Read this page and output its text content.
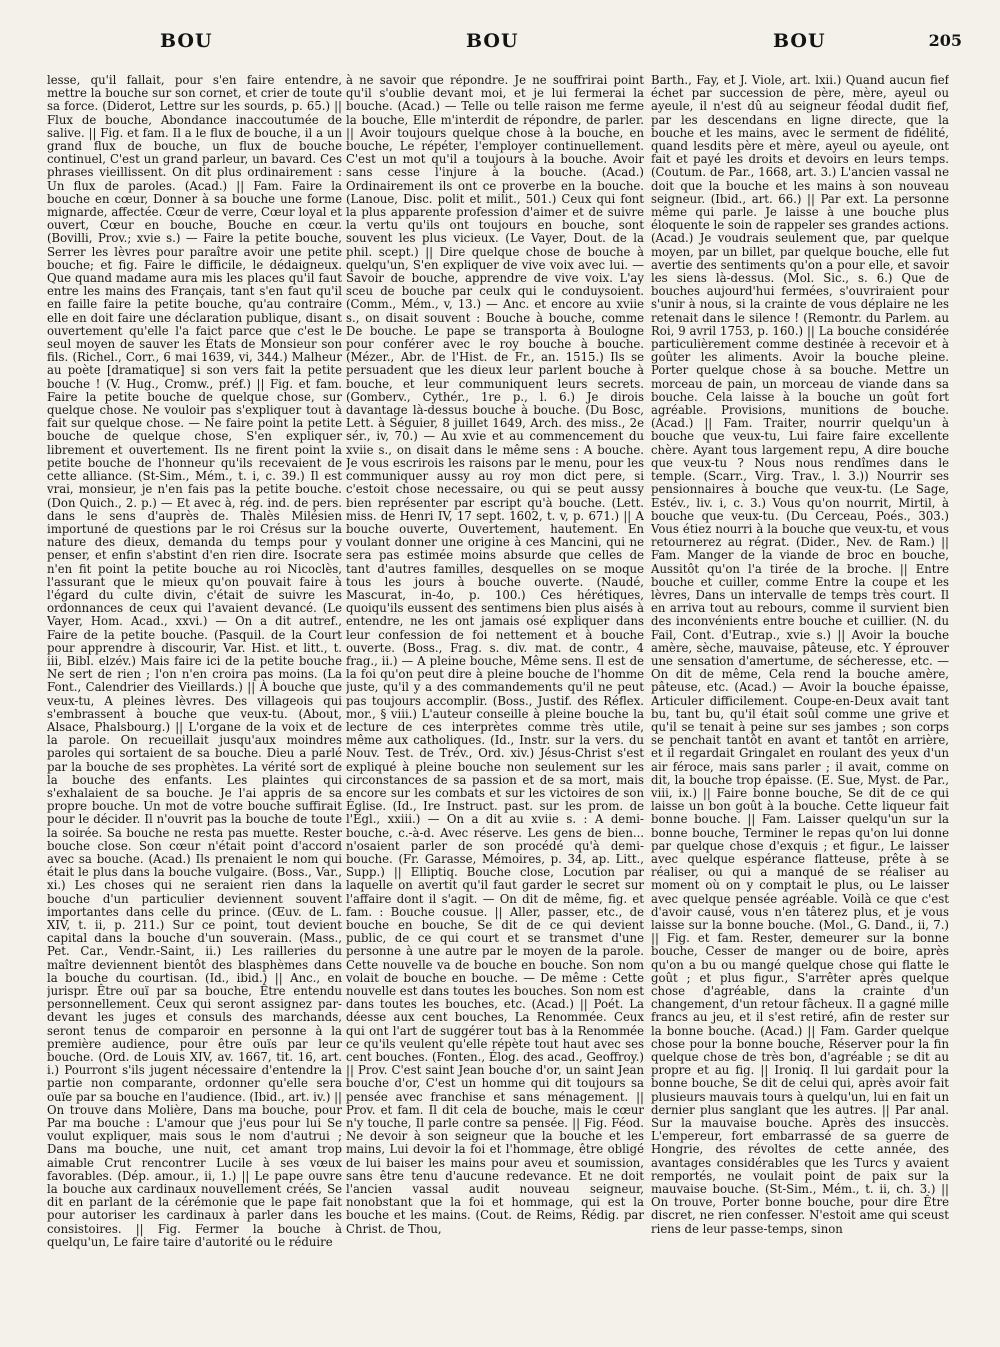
BOU	BOU	BOU	205

lesse, qu'il fallait, pour s'en faire entendre, mettre la bouche sur son cornet, et crier de toute sa force. (Diderot, Lettre sur les sourds, p. 65.) || Flux de bouche, Abondance inaccoutumée de salive. || Fig. et fam. Il a le flux de bouche, il a un grand flux de bouche, un flux de bouche continuel, C'est un grand parleur, un bavard. Ces phrases vieillissent. On dit plus ordinairement : Un flux de paroles. (Acad.) || Fam. Faire la bouche en cœur, Donner à sa bouche une forme mignarde, affectée. Cœur de verre, Cœur loyal et ouvert, Cœur en bouche, Bouche en cœur. (Bovilli, Prov.; xvie s.) — Faire la petite bouche, Serrer les lèvres pour paraître avoir une petite bouche; et fig. Faire le difficile, le dédaigneux. Que quand madame aura mis les places qu'il faut entre les mains des Français, tant s'en faut qu'il en faille faire la petite bouche, qu'au contraire elle en doit faire une déclaration publique, disant ouvertement qu'elle l'a faict parce que c'est le seul moyen de sauver les États de Monsieur son fils. (Richel., Corr., 6 mai 1639, vi, 344.) Malheur au poète [dramatique] si son vers fait la petite bouche ! (V. Hug., Cromw., préf.) || Fig. et fam. Faire la petite bouche de quelque chose, sur quelque chose. Ne vouloir pas s'expliquer tout à fait sur quelque chose. — Ne faire point la petite bouche de quelque chose, S'en expliquer librement et ouvertement. Ils ne firent point la petite bouche de l'honneur qu'ils recevaient de cette alliance. (St-Sim., Mém., t. i, c. 39.) Il est vrai, monsieur, je n'en fais pas la petite bouche. (Don Quich., 2. p.) — Et avec à, rég. ind. de pers. dans le sens d'auprès de. Thalès Milésien importuné de questions par le roi Crésus sur la nature des dieux, demanda du temps pour y penser, et enfin s'abstint d'en rien dire. Isocrate n'en fit point la petite bouche au roi Nicoclès, l'assurant que le mieux qu'on pouvait faire à l'égard du culte divin, c'était de suivre les ordonnances de ceux qui l'avaient devancé. (Le Vayer, Hom. Acad., xxvi.) — On a dit autref., Faire de la petite bouche. (Pasquil. de la Court pour apprendre à discourir, Var. Hist. et litt., t. iii, Bibl. elzév.) Mais faire ici de la petite bouche Ne sert de rien ; l'on n'en croira pas moins. (La Font., Calendrier des Vieillards.) || À bouche que veux-tu, A pleines lèvres. Des villageois qui s'embrassent à bouche que veux-tu. (About, Alsace, Phalsbourg.) || L'organe de la voix et de la parole. On recueillait jusqu'aux moindres paroles qui sortaient de sa bouche. Dieu a parlé par la bouche de ses prophètes. La vérité sort de la bouche des enfants. Les plaintes qui s'exhalaient de sa bouche. Je l'ai appris de sa propre bouche. Un mot de votre bouche suffirait pour le décider. Il n'ouvrit pas la bouche de toute la soirée. Sa bouche ne resta pas muette. Rester bouche close. Son cœur n'était point d'accord avec sa bouche. (Acad.) Ils prenaient le nom qui était le plus dans la bouche vulgaire. (Boss., Var., xi.) Les choses qui ne seraient rien dans la bouche d'un particulier deviennent souvent importantes dans celle du prince. (Œuv. de L. XIV, t. ii, p. 211.) Sur ce point, tout devient capital dans la bouche d'un souverain. (Mass., Pet. Car., Vendr.-Saint, ii.) Les railleries du maître deviennent bientôt des blasphèmes dans la bouche du courtisan. (Id., ibid.) || Anc., en jurispr. Être ouï par sa bouche, Être entendu personnellement. Ceux qui seront assignez par-devant les juges et consuls des marchands, seront tenus de comparoir en personne à la première audience, pour être ouïs par leur bouche. (Ord. de Louis XIV, av. 1667, tit. 16, art. i.) Pourront s'ils jugent nécessaire d'entendre la partie non comparante, ordonner qu'elle sera ouïe par sa bouche en l'audience. (Ibid., art. iv.) || On trouve dans Molière, Dans ma bouche, pour Par ma bouche : L'amour que j'eus pour lui Se voulut expliquer, mais sous le nom d'autrui ; Dans ma bouche, une nuit, cet amant trop aimable Crut rencontrer Lucile à ses vœux favorables. (Dép. amour., ii, 1.) || Le pape ouvre la bouche aux cardinaux nouvellement créés, Se dit en parlant de la cérémonie que le pape fait pour autoriser les cardinaux à parler dans les consistoires. || Fig. Fermer la bouche à quelqu'un, Le faire taire d'autorité ou le réduire

à ne savoir que répondre. Je ne souffrirai point qu'il s'oublie devant moi, et je lui fermerai la bouche. (Acad.) — Telle ou telle raison me ferme la bouche, Elle m'interdit de répondre, de parler. || Avoir toujours quelque chose à la bouche, en bouche, Le répéter, l'employer continuellement. C'est un mot qu'il a toujours à la bouche. Avoir sans cesse l'injure à la bouche. (Acad.) Ordinairement ils ont ce proverbe en la bouche. (Lanoue, Disc. polit et milit., 501.) Ceux qui font la plus apparente profession d'aimer et de suivre la vertu qu'ils ont toujours en bouche, sont souvent les plus vicieux. (Le Vayer, Dout. de la phil. scept.) || Dire quelque chose de bouche à quelqu'un, S'en expliquer de vive voix avec lui. — Savoir de bouche, apprendre de vive voix. L'ay sceu de bouche par ceulx qui le conduysoient. (Comm., Mém., v, 13.) — Anc. et encore au xviie s., on disait souvent : Bouche à bouche, comme De bouche. Le pape se transporta à Boulogne pour conférer avec le roy bouche à bouche. (Mézer., Abr. de l'Hist. de Fr., an. 1515.) Ils se persuadent que les dieux leur parlent bouche à bouche, et leur communiquent leurs secrets. (Gomberv., Cythér., 1re p., l. 6.) Je dirois davantage là-dessus bouche à bouche. (Du Bosc, Lett. à Séguier, 8 juillet 1649, Arch. des miss., 2e sér., iv, 70.) — Au xvie et au commencement du xviie s., on disait dans le même sens : A bouche. Je vous escrirois les raisons par le menu, pour les communiquer aussy au roy mon dict pere, si c'estoit chose necessaire, ou qui se peut aussy bien représenter par escript qu'à bouche. (Lett. miss. de Henri IV, 17 sept. 1602, t. v, p. 671.) || A bouche ouverte, Ouvertement, hautement. En voulant donner une origine à ces Mancini, qui ne sera pas estimée moins absurde que celles de tant d'autres familles, desquelles on se moque tous les jours à bouche ouverte. (Naudé, Mascurat, in-4o, p. 100.) Ces hérétiques, quoiqu'ils eussent des sentimens bien plus aisés à entendre, ne les ont jamais osé expliquer dans leur confession de foi nettement et à bouche ouverte. (Boss., Frag. s. div. mat. de contr., 4 frag., ii.) — A pleine bouche, Même sens. Il est de la foi qu'on peut dire à pleine bouche de l'homme juste, qu'il y a des commandements qu'il ne peut pas toujours accomplir. (Boss., Justif. des Réflex. mor., § viii.) L'auteur conseille à pleine bouche la lecture de ces interprètes comme très utile, même aux catholiques. (Id., Instr. sur la vers. du Nouv. Test. de Trév., Ord. xiv.) Jésus-Christ s'est expliqué à pleine bouche non seulement sur les circonstances de sa passion et de sa mort, mais encore sur les combats et sur les victoires de son Église. (Id., Ire Instruct. past. sur les prom. de l'Égl., xxiii.) — On a dit au xviie s. : A demi-bouche, c.-à-d. Avec réserve. Les gens de bien... n'osaient parler de son procédé qu'à demi-bouche. (Fr. Garasse, Mémoires, p. 34, ap. Litt., Supp.) || Elliptiq. Bouche close, Locution par laquelle on avertit qu'il faut garder le secret sur l'affaire dont il s'agit. — On dit de même, fig. et fam. : Bouche cousue. || Aller, passer, etc., de bouche en bouche, Se dit de ce qui devient public, de ce qui court et se transmet d'une personne à une autre par le moyen de la parole. Cette nouvelle va de bouche en bouche. Son nom volait de bouche en bouche. — De même : Cette nouvelle est dans toutes les bouches. Son nom est dans toutes les bouches, etc. (Acad.) || Poét. La déesse aux cent bouches, La Renommée. Ceux qui ont l'art de suggérer tout bas à la Renommée ce qu'ils veulent qu'elle répète tout haut avec ses cent bouches. (Fonten., Élog. des acad., Geoffroy.) || Prov. C'est saint Jean bouche d'or, un saint Jean bouche d'or, C'est un homme qui dit toujours sa pensée avec franchise et sans ménagement. || Prov. et fam. Il dit cela de bouche, mais le cœur n'y touche, Il parle contre sa pensée. || Fig. Féod. Ne devoir à son seigneur que la bouche et les mains, Lui devoir la foi et l'hommage, être obligé de lui baiser les mains pour aveu et soumission, sans être tenu d'aucune redevance. Et ne doit l'ancien vassal audit nouveau seigneur, nonobstant que la foi et hommage, qui est la bouche et les mains. (Cout. de Reims, Rédig. par Christ. de Thou,

Barth., Fay, et J. Viole, art. lxii.) Quand aucun fief échet par succession de père, mère, ayeul ou ayeule, il n'est dû au seigneur féodal dudit fief, par les descendans en ligne directe, que la bouche et les mains, avec le serment de fidélité, quand lesdits père et mère, ayeul ou ayeule, ont fait et payé les droits et devoirs en leurs temps. (Coutum. de Par., 1668, art. 3.) L'ancien vassal ne doit que la bouche et les mains à son nouveau seigneur. (Ibid., art. 66.) || Par ext. La personne même qui parle. Je laisse à une bouche plus éloquente le soin de rappeler ses grandes actions. (Acad.) Je voudrais seulement que, par quelque moyen, par un billet, par quelque bouche, elle fut avertie des sentiments qu'on a pour elle, et savoir les siens là-dessus. (Mol. Sic., s. 6.) Que de bouches aujourd'hui fermées, s'ouvriraient pour s'unir à nous, si la crainte de vous déplaire ne les retenait dans le silence ! (Remontr. du Parlem. au Roi, 9 avril 1753, p. 160.) || La bouche considérée particulièrement comme destinée à recevoir et à goûter les aliments. Avoir la bouche pleine. Porter quelque chose à sa bouche. Mettre un morceau de pain, un morceau de viande dans sa bouche. Cela laisse à la bouche un goût fort agréable. Provisions, munitions de bouche. (Acad.) || Fam. Traiter, nourrir quelqu'un à bouche que veux-tu, Lui faire faire excellente chère. Ayant tous largement repu, A dire bouche que veux-tu ? Nous nous rendîmes dans le temple. (Scarr., Virg. Trav., l. 3.)) Nourrir ses pensionnaires à bouche que veux-tu. (Le Sage, Estév., liv. i, c. 3.) Vous qu'on nourrit, Mirtil, à bouche que veux-tu. (Du Cerceau, Poés., 303.) Vous étiez nourri à la bouche que veux-tu, et vous retournerez au régrat. (Dider., Nev. de Ram.) || Fam. Manger de la viande de broc en bouche, Aussitôt qu'on l'a tirée de la broche. || Entre bouche et cuiller, comme Entre la coupe et les lèvres, Dans un intervalle de temps très court. Il en arriva tout au rebours, comme il survient bien des inconvénients entre bouche et cuillier. (N. du Fail, Cont. d'Eutrap., xvie s.) || Avoir la bouche amère, sèche, mauvaise, pâteuse, etc. Y éprouver une sensation d'amertume, de sécheresse, etc. — On dit de même, Cela rend la bouche amère, pâteuse, etc. (Acad.) — Avoir la bouche épaisse, Articuler difficilement. Coupe-en-Deux avait tant bu, tant bu, qu'il était soûl comme une grive et qu'il se tenait à peine sur ses jambes ; son corps se penchait tantôt en avant et tantôt en arrière, et il regardait Gringalet en roulant des yeux d'un air féroce, mais sans parler ; il avait, comme on dit, la bouche trop épaisse. (E. Sue, Myst. de Par., viii, ix.) || Faire bonne bouche, Se dit de ce qui laisse un bon goût à la bouche. Cette liqueur fait bonne bouche. || Fam. Laisser quelqu'un sur la bonne bouche, Terminer le repas qu'on lui donne par quelque chose d'exquis ; et figur., Le laisser avec quelque espérance flatteuse, prête à se réaliser, ou qui a manqué de se réaliser au moment où on y comptait le plus, ou Le laisser avec quelque pensée agréable. Voilà ce que c'est d'avoir causé, vous n'en tâterez plus, et je vous laisse sur la bonne bouche. (Mol., G. Dand., ii, 7.) || Fig. et fam. Rester, demeurer sur la bonne bouche, Cesser de manger ou de boire, après qu'on a bu ou mangé quelque chose qui flatte le goût ; et plus figur., S'arrêter après quelque chose d'agréable, dans la crainte d'un changement, d'un retour fâcheux. Il a gagné mille francs au jeu, et il s'est retiré, afin de rester sur la bonne bouche. (Acad.) || Fam. Garder quelque chose pour la bonne bouche, Réserver pour la fin quelque chose de très bon, d'agréable ; se dit au propre et au fig. || Ironiq. Il lui gardait pour la bonne bouche, Se dit de celui qui, après avoir fait plusieurs mauvais tours à quelqu'un, lui en fait un dernier plus sanglant que les autres. || Par anal. Sur la mauvaise bouche. Après des insuccès. L'empereur, fort embarrassé de sa guerre de Hongrie, des révoltes de cette année, des avantages considérables que les Turcs y avaient remportés, ne voulait point de paix sur la mauvaise bouche. (St-Sim., Mém., t. ii, ch. 3.) || On trouve, Porter bonne bouche, pour dire Être discret, ne rien confesser. N'estoit ame qui sceust riens de leur passe-temps, sinon
